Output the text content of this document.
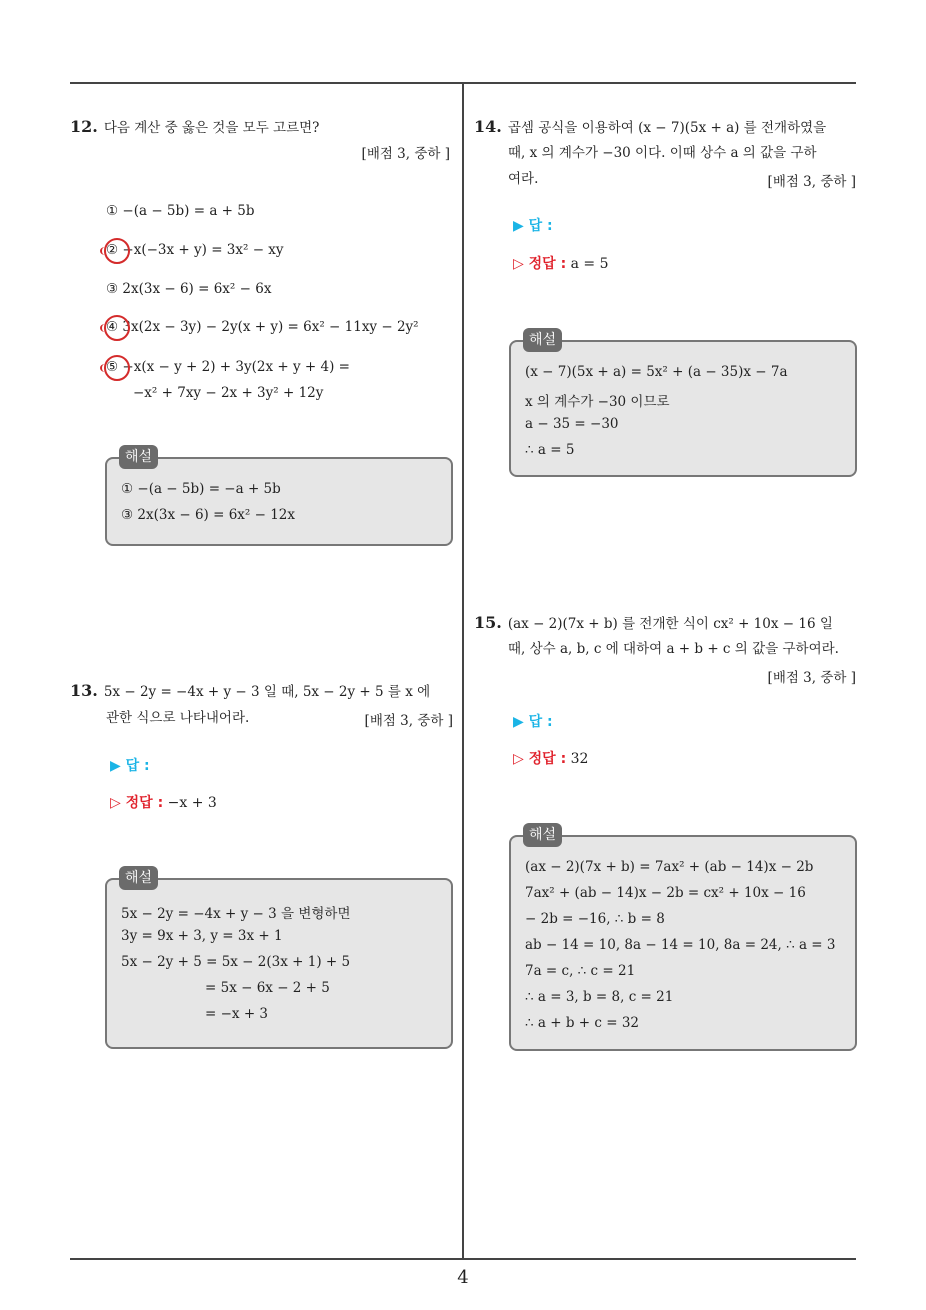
12. 다음 계산 중 옳은 것을 모두 고르면?
[배점 3, 중하 ]
① −(a − 5b) = a + 5b
② −x(−3x + y) = 3x² − xy
③ 2x(3x − 6) = 6x² − 6x
④ 3x(2x − 3y) − 2y(x + y) = 6x² − 11xy − 2y²
⑤ −x(x − y + 2) + 3y(2x + y + 4) =
−x² + 7xy − 2x + 3y² + 12y
해설
① −(a − 5b) = −a + 5b
③ 2x(3x − 6) = 6x² − 12x
13. 5x − 2y = −4x + y − 3 일 때, 5x − 2y + 5 를 x 에
관한 식으로 나타내어라.	[배점 3, 중하 ]
▶ 답 :
▷ 정답 : −x + 3
해설
5x − 2y = −4x + y − 3 을 변형하면
3y = 9x + 3, y = 3x + 1
5x − 2y + 5 = 5x − 2(3x + 1) + 5
= 5x − 6x − 2 + 5
= −x + 3
14. 곱셈 공식을 이용하여 (x − 7)(5x + a) 를 전개하였을
때, x 의 계수가 −30 이다. 이때 상수 a 의 값을 구하
여라.	[배점 3, 중하 ]
▶ 답 :
▷ 정답 : a = 5
해설
(x − 7)(5x + a) = 5x² + (a − 35)x − 7a
x 의 계수가 −30 이므로
a − 35 = −30
∴ a = 5
15. (ax − 2)(7x + b) 를 전개한 식이 cx² + 10x − 16 일
때, 상수 a, b, c 에 대하여 a + b + c 의 값을 구하여라.
[배점 3, 중하 ]
▶ 답 :
▷ 정답 : 32
해설
(ax − 2)(7x + b) = 7ax² + (ab − 14)x − 2b
7ax² + (ab − 14)x − 2b = cx² + 10x − 16
− 2b = −16, ∴ b = 8
ab − 14 = 10, 8a − 14 = 10, 8a = 24, ∴ a = 3
7a = c, ∴ c = 21
∴ a = 3, b = 8, c = 21
∴ a + b + c = 32
4
